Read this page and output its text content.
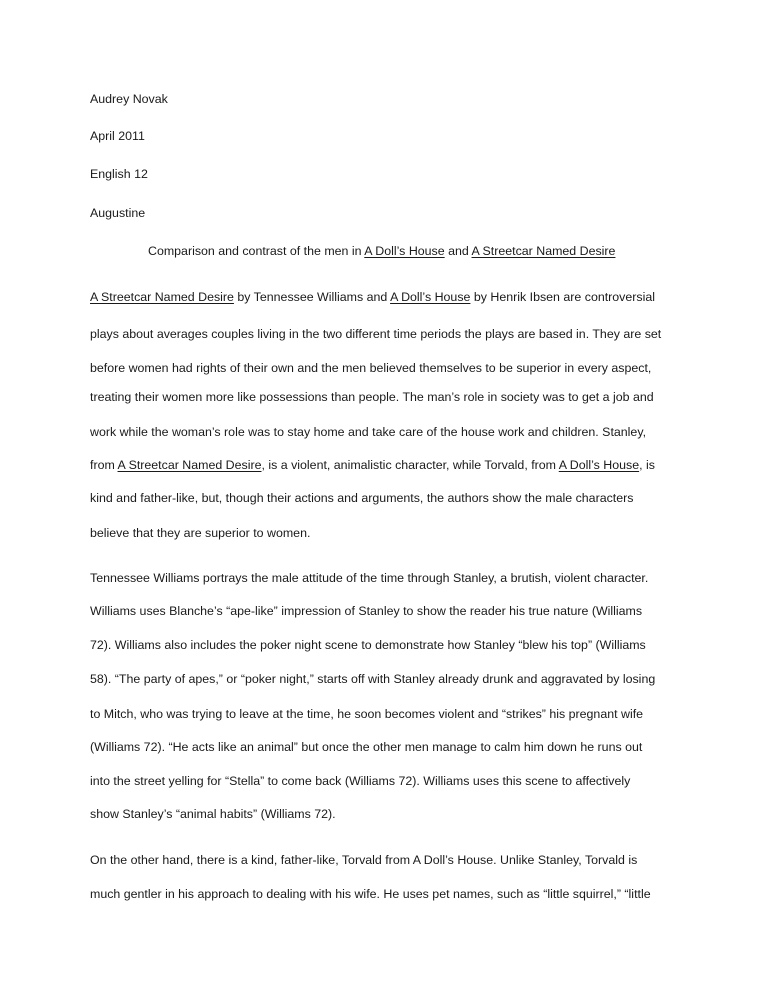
Audrey Novak
April 2011
English 12
Augustine
Comparison and contrast of the men in A Doll’s House and A Streetcar Named Desire
A Streetcar Named Desire by Tennessee Williams and A Doll’s House by Henrik Ibsen are controversial
plays about averages couples living in the two different time periods the plays are based in. They are set
before women had rights of their own and the men believed themselves to be superior in every aspect,
treating their women more like possessions than people. The man’s role in society was to get a job and
work while the woman’s role was to stay home and take care of the house work and children. Stanley,
from A Streetcar Named Desire, is a violent, animalistic character, while Torvald, from A Doll’s House, is
kind and father-like, but, though their actions and arguments, the authors show the male characters
believe that they are superior to women.
Tennessee Williams portrays the male attitude of the time through Stanley, a brutish, violent character.
Williams uses Blanche’s “ape-like” impression of Stanley to show the reader his true nature (Williams
72). Williams also includes the poker night scene to demonstrate how Stanley “blew his top” (Williams
58). “The party of apes,” or “poker night,” starts off with Stanley already drunk and aggravated by losing
to Mitch, who was trying to leave at the time, he soon becomes violent and “strikes” his pregnant wife
(Williams 72). “He acts like an animal” but once the other men manage to calm him down he runs out
into the street yelling for “Stella” to come back (Williams 72). Williams uses this scene to affectively
show Stanley’s “animal habits” (Williams 72).
On the other hand, there is a kind, father-like, Torvald from A Doll’s House. Unlike Stanley, Torvald is
much gentler in his approach to dealing with his wife. He uses pet names, such as “little squirrel,” “little
